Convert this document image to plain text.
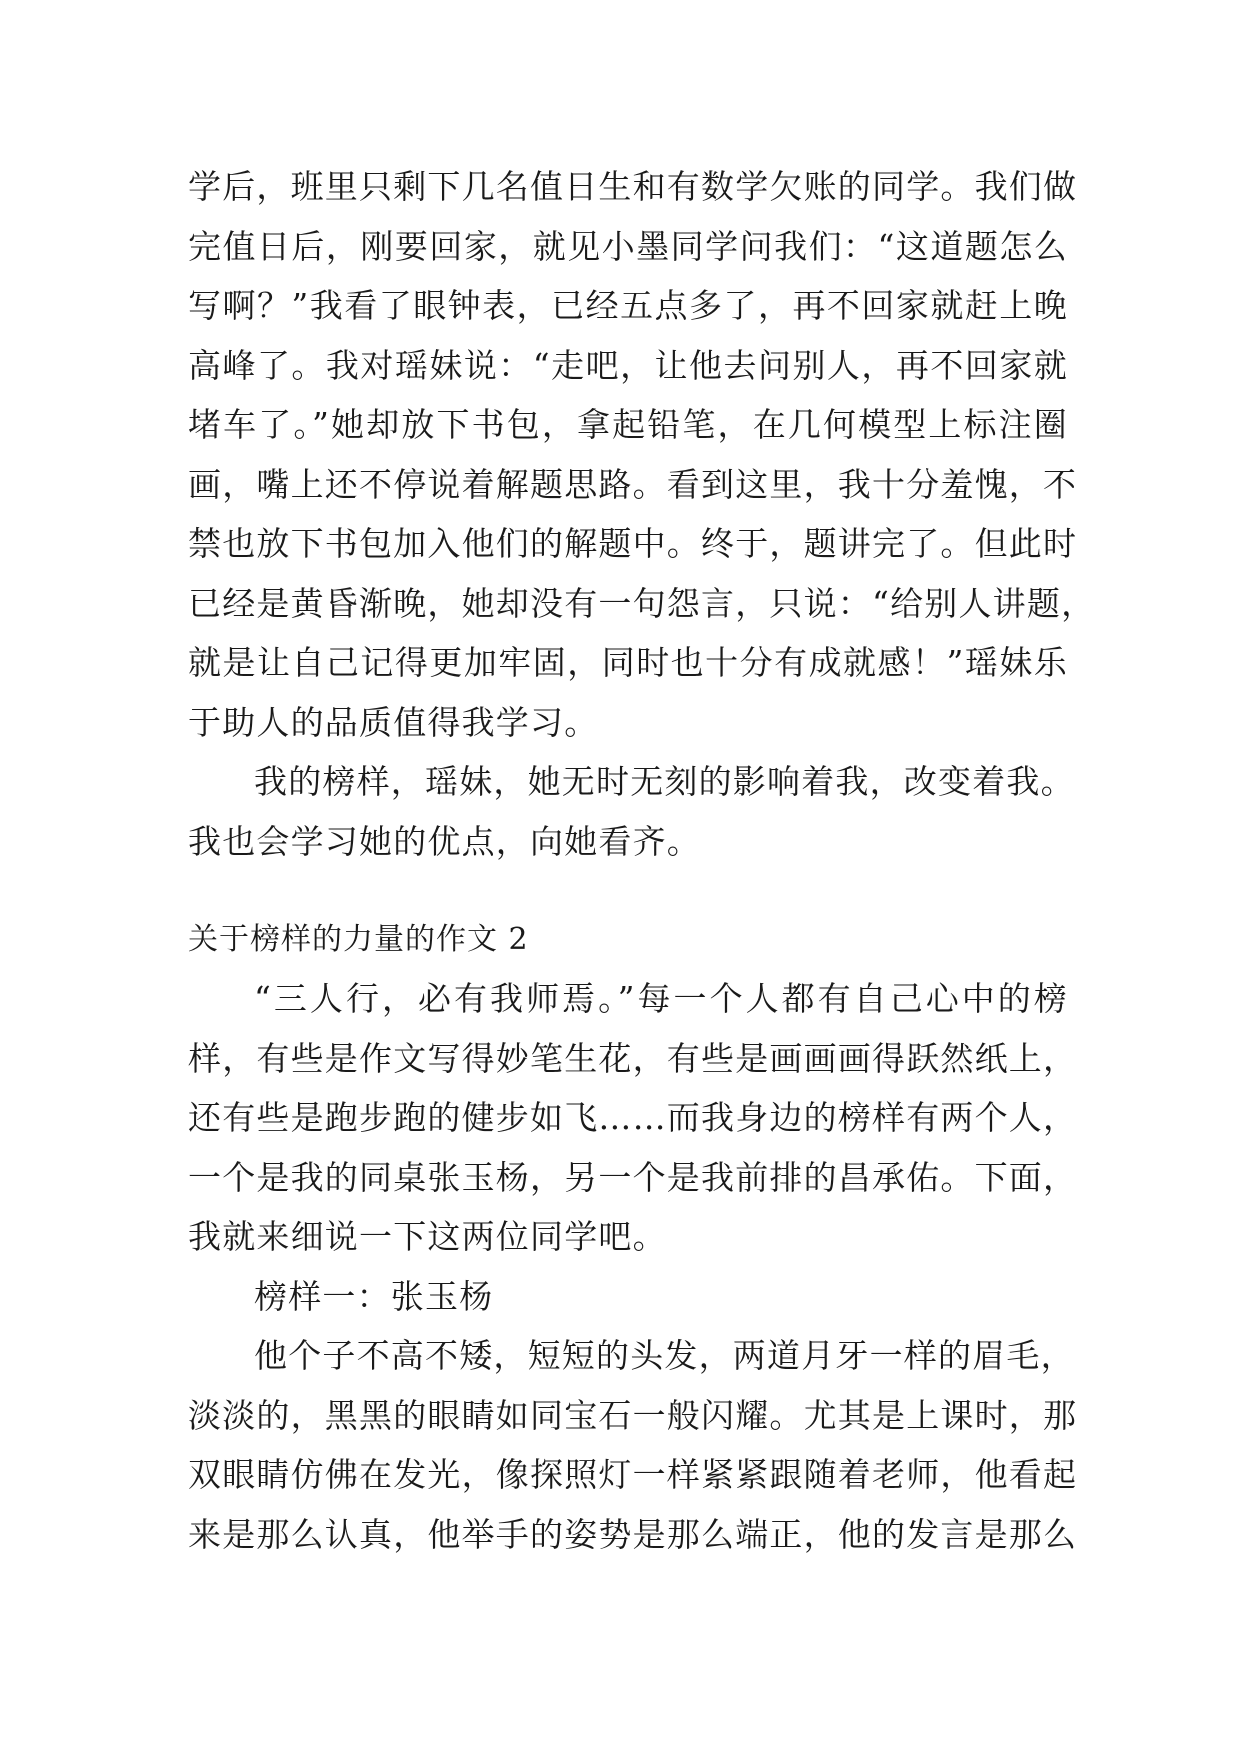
学后，班里只剩下几名值日生和有数学欠账的同学。我们做
完值日后，刚要回家，就见小墨同学问我们：“这道题怎么
写啊？”我看了眼钟表，已经五点多了，再不回家就赶上晚
高峰了。我对瑶妹说：“走吧，让他去问别人，再不回家就
堵车了。”她却放下书包，拿起铅笔，在几何模型上标注圈
画，嘴上还不停说着解题思路。看到这里，我十分羞愧，不
禁也放下书包加入他们的解题中。终于，题讲完了。但此时
已经是黄昏渐晚，她却没有一句怨言，只说：“给别人讲题，
就是让自己记得更加牢固，同时也十分有成就感！”瑶妹乐
于助人的品质值得我学习。
我的榜样，瑶妹，她无时无刻的影响着我，改变着我。
我也会学习她的优点，向她看齐。
关于榜样的力量的作文 2
“三人行，必有我师焉。”每一个人都有自己心中的榜
样，有些是作文写得妙笔生花，有些是画画画得跃然纸上，
还有些是跑步跑的健步如飞……而我身边的榜样有两个人，
一个是我的同桌张玉杨，另一个是我前排的昌承佑。下面，
我就来细说一下这两位同学吧。
榜样一：张玉杨
他个子不高不矮，短短的头发，两道月牙一样的眉毛，
淡淡的，黑黑的眼睛如同宝石一般闪耀。尤其是上课时，那
双眼睛仿佛在发光，像探照灯一样紧紧跟随着老师，他看起
来是那么认真，他举手的姿势是那么端正，他的发言是那么
